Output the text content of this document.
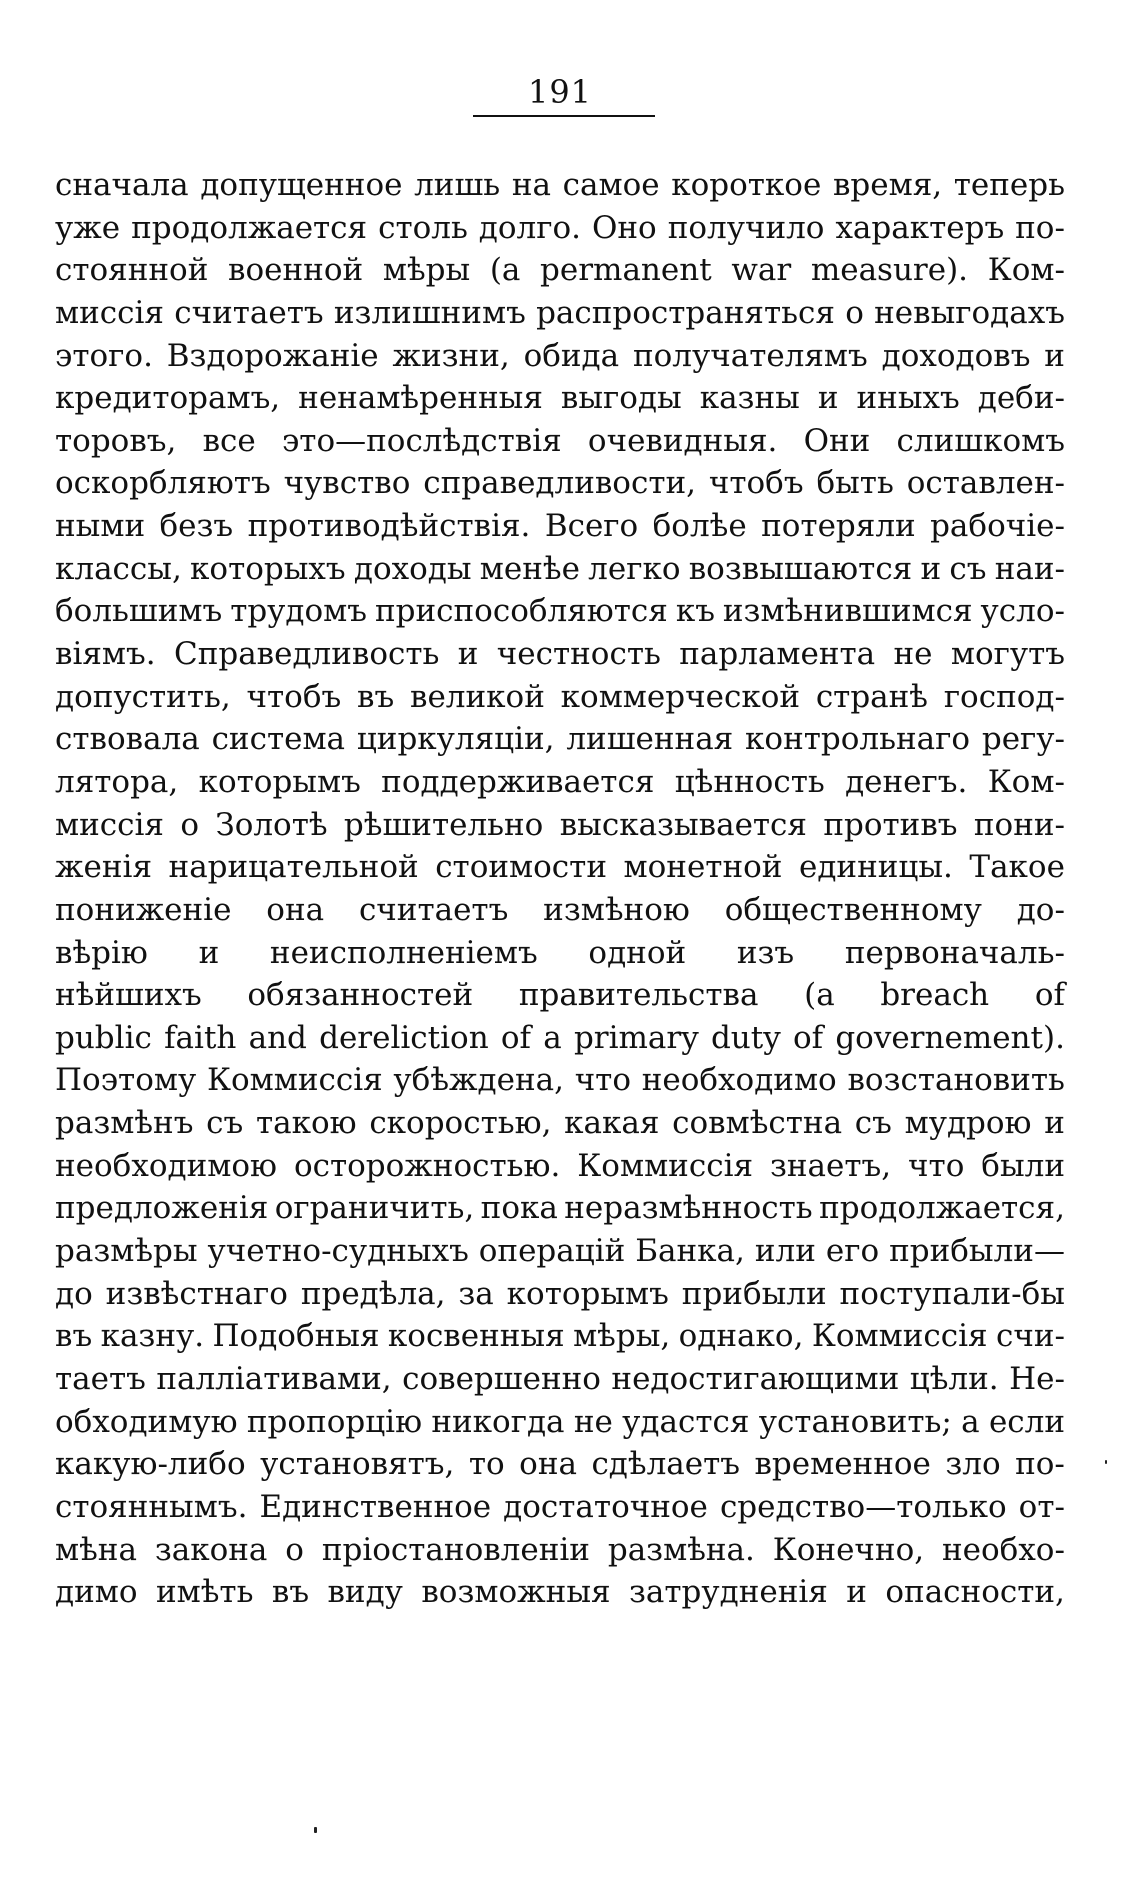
191
сначала допущенное лишь на самое короткое время, теперь
уже продолжается столь долго. Оно получило характеръ по-
стоянной военной мѣры (a permanent war measure). Ком-
миссія считаетъ излишнимъ распространяться о невыгодахъ
этого. Вздорожаніе жизни, обида получателямъ доходовъ и
кредиторамъ, ненамѣренныя выгоды казны и иныхъ деби-
торовъ, все это—послѣдствія очевидныя. Они слишкомъ
оскорбляютъ чувство справедливости, чтобъ быть оставлен-
ными безъ противодѣйствія. Всего болѣе потеряли рабочіе-
классы, которыхъ доходы менѣе легко возвышаются и съ наи-
большимъ трудомъ приспособляются къ измѣнившимся усло-
віямъ. Справедливость и честность парламента не могутъ
допустить, чтобъ въ великой коммерческой странѣ господ-
ствовала система циркуляціи, лишенная контрольнаго регу-
лятора, которымъ поддерживается цѣнность денегъ. Ком-
миссія о Золотѣ рѣшительно высказывается противъ пони-
женія нарицательной стоимости монетной единицы. Такое
пониженіе она считаетъ измѣною общественному до-
вѣрію и неисполненіемъ одной изъ первоначаль-
нѣйшихъ обязанностей правительства (a breach of
public faith and dereliction of a primary duty of governement).
Поэтому Коммиссія убѣждена, что необходимо возстановить
размѣнъ съ такою скоростью, какая совмѣстна съ мудрою и
необходимою осторожностью. Коммиссія знаетъ, что были
предложенія ограничить, пока неразмѣнность продолжается,
размѣры учетно-судныхъ операцій Банка, или его прибыли—
до извѣстнаго предѣла, за которымъ прибыли поступали-бы
въ казну. Подобныя косвенныя мѣры, однако, Коммиссія счи-
таетъ палліативами, совершенно недостигающими цѣли. Не-
обходимую пропорцію никогда не удастся установить; а если
какую-либо установятъ, то она сдѣлаетъ временное зло по-
стояннымъ. Единственное достаточное средство—только от-
мѣна закона о пріостановленіи размѣна. Конечно, необхо-
димо имѣть въ виду возможныя затрудненія и опасности,
